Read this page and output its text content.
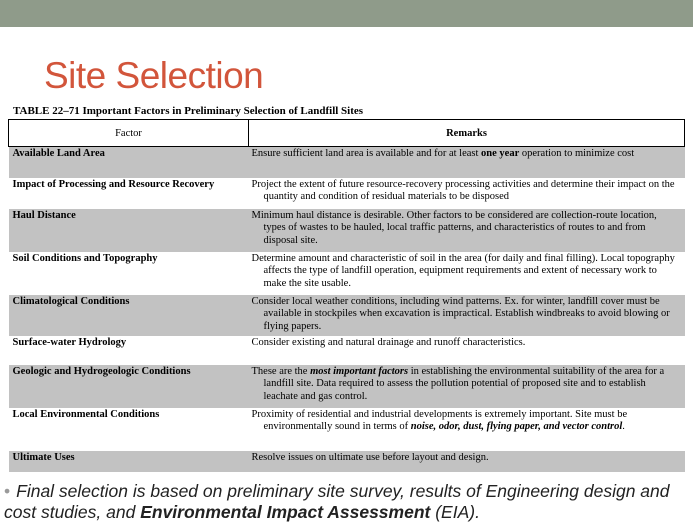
Site Selection
TABLE 22–71 Important Factors in Preliminary Selection of Landfill Sites
Factor	Remarks
Available Land Area	Ensure sufficient land area is available and for at least one year operation to minimize cost

Impact of Processing and Resource Recovery	Project the extent of future resource-recovery processing activities and determine their impact on the quantity and condition of residual materials to be disposed

Haul Distance	Minimum haul distance is desirable. Other factors to be considered are collection-route location, types of wastes to be hauled, local traffic patterns, and characteristics of routes to and from disposal site.

Soil Conditions and Topography	Determine amount and characteristic of soil in the area (for daily and final filling). Local topography affects the type of landfill operation, equipment requirements and extent of necessary work to make the site usable.

Climatological Conditions	Consider local weather conditions, including wind patterns. Ex. for winter, landfill cover must be available in stockpiles when excavation is impractical. Establish windbreaks to avoid blowing or flying papers.

Surface-water Hydrology	Consider existing and natural drainage and runoff characteristics.

Geologic and Hydrogeologic Conditions	These are the most important factors in establishing the environmental suitability of the area for a landfill site. Data required to assess the pollution potential of proposed site and to establish leachate and gas control.

Local Environmental Conditions	Proximity of residential and industrial developments is extremely important. Site must be environmentally sound in terms of noise, odor, dust, flying paper, and vector control.

Ultimate Uses	Resolve issues on ultimate use before layout and design.
• Final selection is based on preliminary site survey, results of Engineering design and cost studies, and Environmental Impact Assessment (EIA).
